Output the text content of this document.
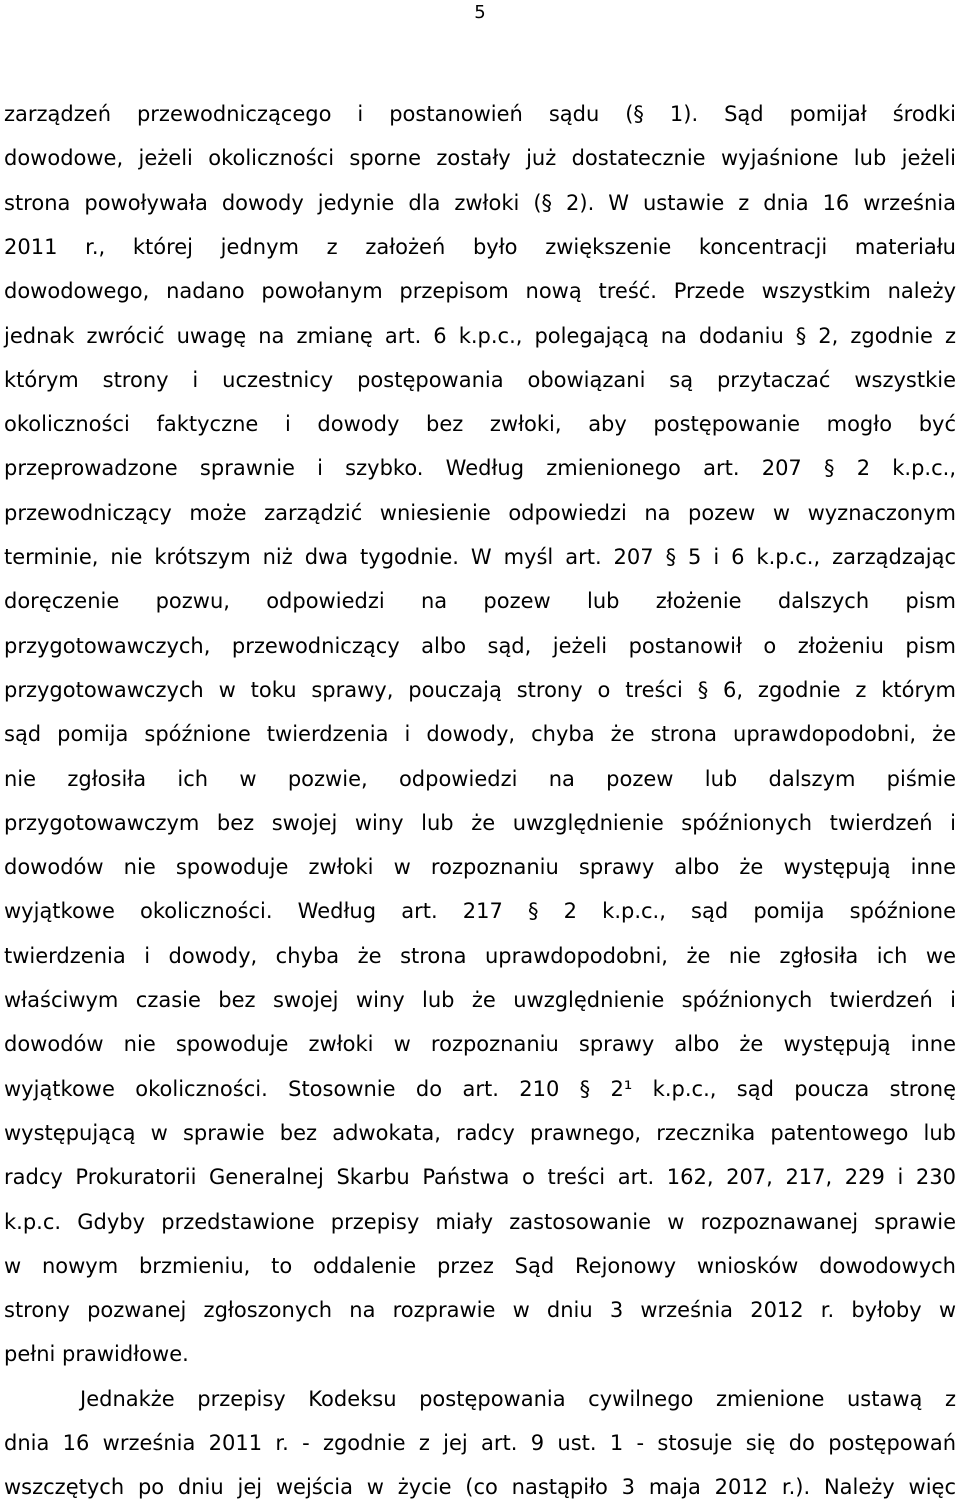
5
zarządzeń przewodniczącego i postanowień sądu (§ 1). Sąd pomijał środki
dowodowe, jeżeli okoliczności sporne zostały już dostatecznie wyjaśnione lub jeżeli
strona powoływała dowody jedynie dla zwłoki (§ 2). W ustawie z dnia 16 września
2011 r., której jednym z założeń było zwiększenie koncentracji materiału
dowodowego, nadano powołanym przepisom nową treść. Przede wszystkim należy
jednak zwrócić uwagę na zmianę art. 6 k.p.c., polegającą na dodaniu § 2, zgodnie z
którym strony i uczestnicy postępowania obowiązani są przytaczać wszystkie
okoliczności faktyczne i dowody bez zwłoki, aby postępowanie mogło być
przeprowadzone sprawnie i szybko. Według zmienionego art. 207 § 2 k.p.c.,
przewodniczący może zarządzić wniesienie odpowiedzi na pozew w wyznaczonym
terminie, nie krótszym niż dwa tygodnie. W myśl art. 207 § 5 i 6 k.p.c., zarządzając
doręczenie pozwu, odpowiedzi na pozew lub złożenie dalszych pism
przygotowawczych, przewodniczący albo sąd, jeżeli postanowił o złożeniu pism
przygotowawczych w toku sprawy, pouczają strony o treści § 6, zgodnie z którym
sąd pomija spóźnione twierdzenia i dowody, chyba że strona uprawdopodobni, że
nie zgłosiła ich w pozwie, odpowiedzi na pozew lub dalszym piśmie
przygotowawczym bez swojej winy lub że uwzględnienie spóźnionych twierdzeń i
dowodów nie spowoduje zwłoki w rozpoznaniu sprawy albo że występują inne
wyjątkowe okoliczności. Według art. 217 § 2 k.p.c., sąd pomija spóźnione
twierdzenia i dowody, chyba że strona uprawdopodobni, że nie zgłosiła ich we
właściwym czasie bez swojej winy lub że uwzględnienie spóźnionych twierdzeń i
dowodów nie spowoduje zwłoki w rozpoznaniu sprawy albo że występują inne
wyjątkowe okoliczności. Stosownie do art. 210 § 2¹ k.p.c., sąd poucza stronę
występującą w sprawie bez adwokata, radcy prawnego, rzecznika patentowego lub
radcy Prokuratorii Generalnej Skarbu Państwa o treści art. 162, 207, 217, 229 i 230
k.p.c. Gdyby przedstawione przepisy miały zastosowanie w rozpoznawanej sprawie
w nowym brzmieniu, to oddalenie przez Sąd Rejonowy wniosków dowodowych
strony pozwanej zgłoszonych na rozprawie w dniu 3 września 2012 r. byłoby w
pełni prawidłowe.
Jednakże przepisy Kodeksu postępowania cywilnego zmienione ustawą z
dnia 16 września 2011 r. - zgodnie z jej art. 9 ust. 1 - stosuje się do postępowań
wszczętych po dniu jej wejścia w życie (co nastąpiło 3 maja 2012 r.). Należy więc
